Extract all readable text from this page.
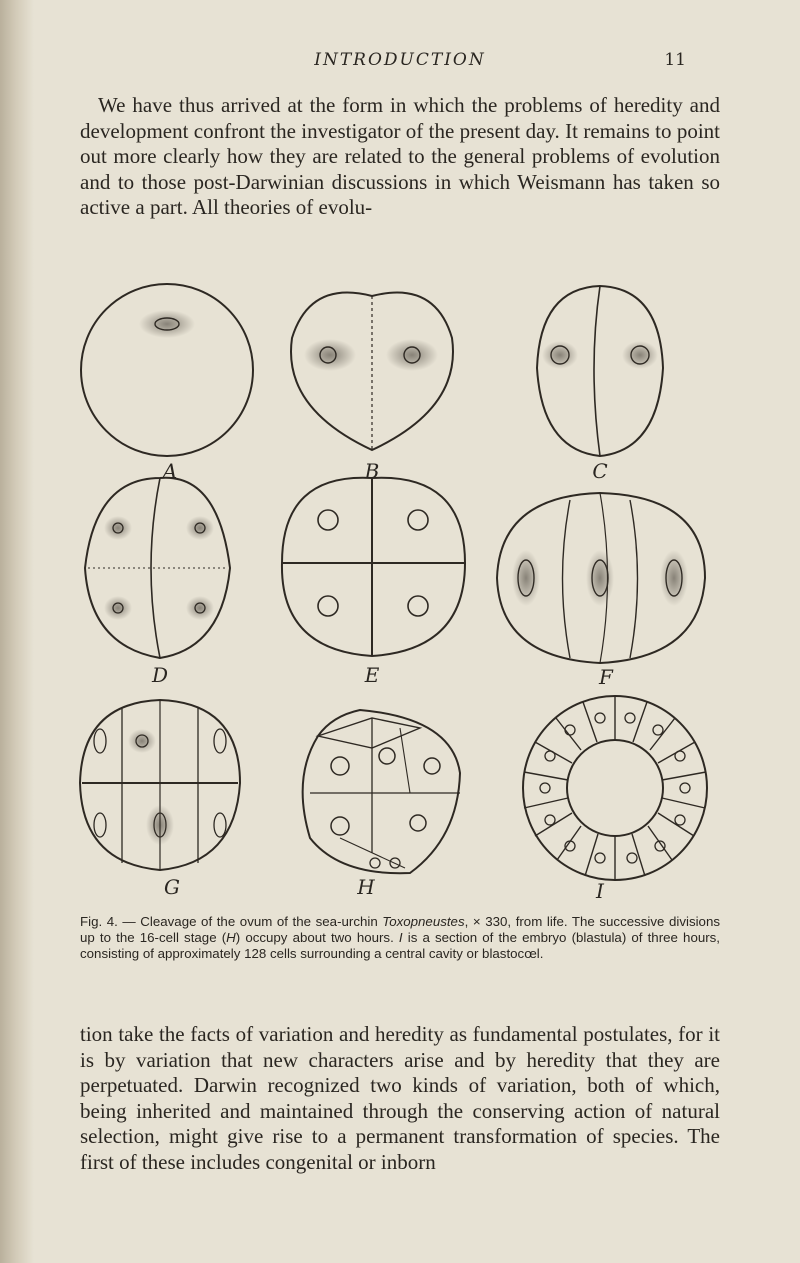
INTRODUCTION	11

We have thus arrived at the form in which the problems of heredity and development confront the investigator of the present day. It remains to point out more clearly how they are related to the general problems of evolution and to those post-Darwinian discussions in which Weismann has taken so active a part. All theories of evolu-

A	B	C
D	E	F
G	H	I

Fig. 4. — Cleavage of the ovum of the sea-urchin Toxopneustes, × 330, from life. The successive divisions up to the 16-cell stage (H) occupy about two hours. I is a section of the embryo (blastula) of three hours, consisting of approximately 128 cells surrounding a central cavity or blastocœl.

tion take the facts of variation and heredity as fundamental postulates, for it is by variation that new characters arise and by heredity that they are perpetuated. Darwin recognized two kinds of variation, both of which, being inherited and maintained through the conserving action of natural selection, might give rise to a permanent transformation of species. The first of these includes congenital or inborn
